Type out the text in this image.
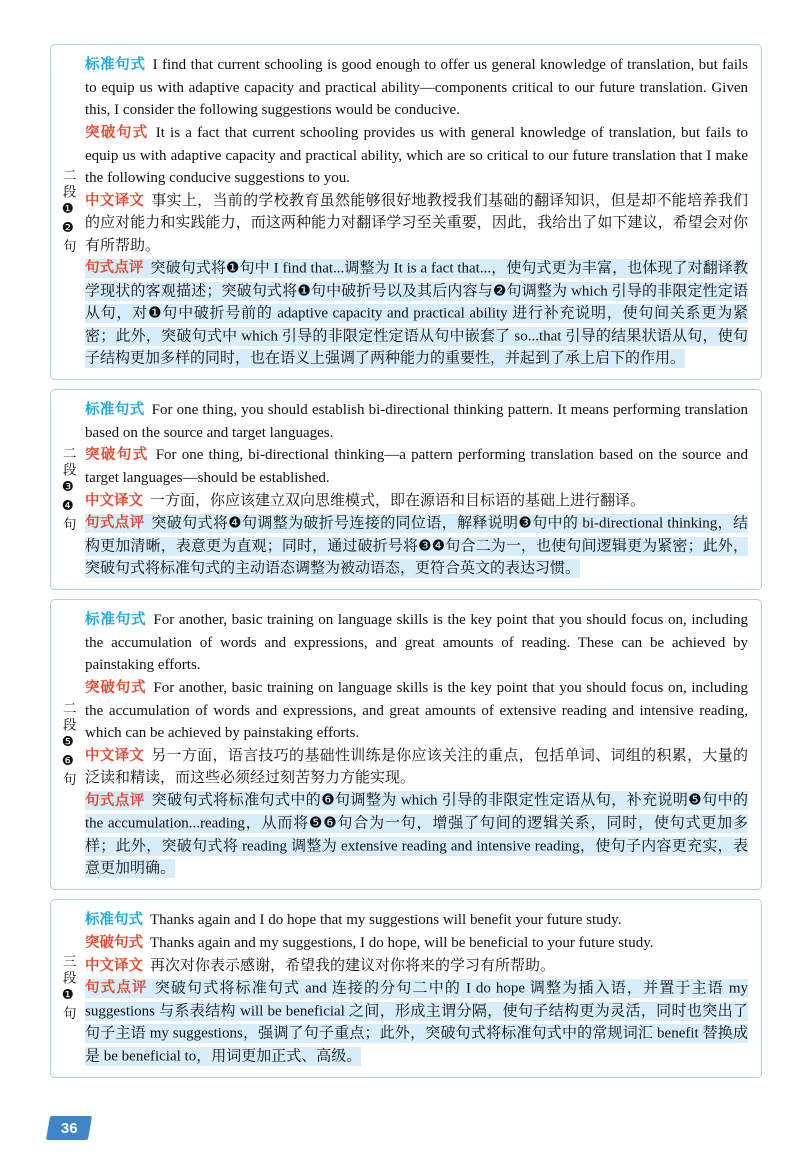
二段❶❷句

标准句式 I find that current schooling is good enough to offer us general knowledge of translation, but fails to equip us with adaptive capacity and practical ability—components critical to our future translation. Given this, I consider the following suggestions would be conducive.

突破句式 It is a fact that current schooling provides us with general knowledge of translation, but fails to equip us with adaptive capacity and practical ability, which are so critical to our future translation that I make the following conducive suggestions to you.

中文译文 事实上，当前的学校教育虽然能够很好地教授我们基础的翻译知识，但是却不能培养我们的应对能力和实践能力，而这两种能力对翻译学习至关重要，因此，我给出了如下建议，希望会对你有所帮助。

句式点评 突破句式将❶句中 I find that...调整为 It is a fact that...，使句式更为丰富，也体现了对翻译教学现状的客观描述；突破句式将❶句中破折号以及其后内容与❷句调整为 which 引导的非限定性定语从句，对❶句中破折号前的 adaptive capacity and practical ability 进行补充说明，使句间关系更为紧密；此外，突破句式中 which 引导的非限定性定语从句中嵌套了 so...that 引导的结果状语从句，使句子结构更加多样的同时，也在语义上强调了两种能力的重要性，并起到了承上启下的作用。

二段❸❹句

标准句式 For one thing, you should establish bi-directional thinking pattern. It means performing translation based on the source and target languages.

突破句式 For one thing, bi-directional thinking—a pattern performing translation based on the source and target languages—should be established.

中文译文 一方面，你应该建立双向思维模式，即在源语和目标语的基础上进行翻译。

句式点评 突破句式将❹句调整为破折号连接的同位语，解释说明❸句中的 bi-directional thinking，结构更加清晰，表意更为直观；同时，通过破折号将❸❹句合二为一，也使句间逻辑更为紧密；此外，突破句式将标准句式的主动语态调整为被动语态，更符合英文的表达习惯。

二段❺❻句

标准句式 For another, basic training on language skills is the key point that you should focus on, including the accumulation of words and expressions, and great amounts of reading. These can be achieved by painstaking efforts.

突破句式 For another, basic training on language skills is the key point that you should focus on, including the accumulation of words and expressions, and great amounts of extensive reading and intensive reading, which can be achieved by painstaking efforts.

中文译文 另一方面，语言技巧的基础性训练是你应该关注的重点，包括单词、词组的积累，大量的泛读和精读，而这些必须经过刻苦努力方能实现。

句式点评 突破句式将标准句式中的❻句调整为 which 引导的非限定性定语从句，补充说明❺句中的 the accumulation...reading，从而将❺❻句合为一句，增强了句间的逻辑关系，同时，使句式更加多样；此外，突破句式将 reading 调整为 extensive reading and intensive reading，使句子内容更充实，表意更加明确。

三段❶句

标准句式 Thanks again and I do hope that my suggestions will benefit your future study.

突破句式 Thanks again and my suggestions, I do hope, will be beneficial to your future study.

中文译文 再次对你表示感谢，希望我的建议对你将来的学习有所帮助。

句式点评 突破句式将标准句式 and 连接的分句二中的 I do hope 调整为插入语，并置于主语 my suggestions 与系表结构 will be beneficial 之间，形成主谓分隔，使句子结构更为灵活，同时也突出了句子主语 my suggestions，强调了句子重点；此外，突破句式将标准句式中的常规词汇 benefit 替换成是 be beneficial to，用词更加正式、高级。

36
